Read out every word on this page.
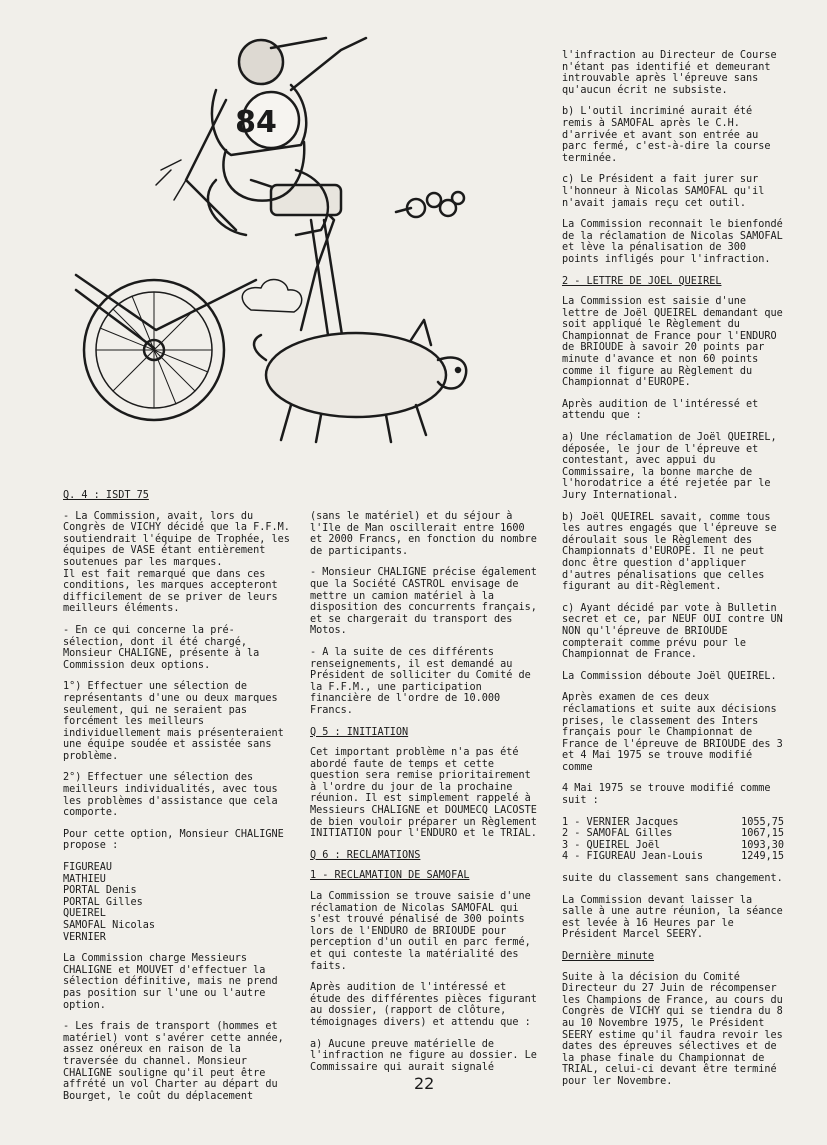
84

Q. 4 : ISDT 75

- La Commission, avait, lors du Congrès de VICHY décidé que la F.F.M. soutiendrait l'équipe de Trophée, les équipes de VASE étant entièrement soutenues par les marques.
Il est fait remarqué que dans ces conditions, les marques accepteront difficilement de se priver de leurs meilleurs éléments.

- En ce qui concerne la pré-sélection, dont il été chargé, Monsieur CHALIGNE, présente à la Commission deux options.

1°) Effectuer une sélection de représentants d'une ou deux marques seulement, qui ne seraient pas forcément les meilleurs individuellement mais présenteraient une équipe soudée et assistée sans problème.

2°) Effectuer une sélection des meilleurs individualités, avec tous les problèmes d'assistance que cela comporte.

Pour cette option, Monsieur CHALIGNE propose :

FIGUREAU
MATHIEU
PORTAL Denis
PORTAL Gilles
QUEIREL
SAMOFAL Nicolas
VERNIER

La Commission charge Messieurs CHALIGNE et MOUVET d'effectuer la sélection définitive, mais ne prend pas position sur l'une ou l'autre option.

- Les frais de transport (hommes et matériel) vont s'avérer cette année, assez onéreux en raison de la traversée du channel. Monsieur CHALIGNE souligne qu'il peut être affrété un vol Charter au départ du Bourget, le coût du déplacement

(sans le matériel) et du séjour à l'Ile de Man oscillerait entre 1600 et 2000 Francs, en fonction du nombre de participants.

- Monsieur CHALIGNE précise également que la Société CASTROL envisage de mettre un camion matériel à la disposition des concurrents français, et se chargerait du transport des Motos.

- A la suite de ces différents renseignements, il est demandé au Président de solliciter du Comité de la F.F.M., une participation financière de l'ordre de 10.000 Francs.

Q 5 : INITIATION

Cet important problème n'a pas été abordé faute de temps et cette question sera remise prioritairement à l'ordre du jour de la prochaine réunion. Il est simplement rappelé à Messieurs CHALIGNE et DOUMECQ LACOSTE de bien vouloir préparer un Règlement INITIATION pour l'ENDURO et le TRIAL.

Q 6 : RECLAMATIONS

1 - RECLAMATION DE SAMOFAL

La Commission se trouve saisie d'une réclamation de Nicolas SAMOFAL qui s'est trouvé pénalisé de 300 points lors de l'ENDURO de BRIOUDE pour perception d'un outil en parc fermé, et qui conteste la matérialité des faits.

Après audition de l'intéressé et étude des différentes pièces figurant au dossier, (rapport de clôture, témoignages divers) et attendu que :

a) Aucune preuve matérielle de l'infraction ne figure au dossier. Le Commissaire qui aurait signalé

l'infraction au Directeur de Course n'étant pas identifié et demeurant introuvable après l'épreuve sans qu'aucun écrit ne subsiste.

b) L'outil incriminé aurait été remis à SAMOFAL après le C.H. d'arrivée et avant son entrée au parc fermé, c'est-à-dire la course terminée.

c) Le Président a fait jurer sur l'honneur à Nicolas SAMOFAL qu'il n'avait jamais reçu cet outil.

La Commission reconnait le bienfondé de la réclamation de Nicolas SAMOFAL et lève la pénalisation de 300 points infligés pour l'infraction.

2 - LETTRE DE JOEL QUEIREL

La Commission est saisie d'une lettre de Joël QUEIREL demandant que soit appliqué le Règlement du Championnat de France pour l'ENDURO de BRIOUDE à savoir 20 points par minute d'avance et non 60 points comme il figure au Règlement du Championnat d'EUROPE.

Après audition de l'intéressé et attendu que :

a) Une réclamation de Joël QUEIREL, déposée, le jour de l'épreuve et contestant, avec appui du Commissaire, la bonne marche de l'horodatrice a été rejetée par le Jury International.

b) Joël QUEIREL savait, comme tous les autres engagés que l'épreuve se déroulait sous le Règlement des Championnats d'EUROPE. Il ne peut donc être question d'appliquer d'autres pénalisations que celles figurant au dit-Règlement.

c) Ayant décidé par vote à Bulletin secret et ce, par NEUF OUI contre UN NON qu'l'épreuve de BRIOUDE compterait comme prévu pour le Championnat de France.

La Commission déboute Joël QUEIREL.

Après examen de ces deux réclamations et suite aux décisions prises, le classement des Inters français pour le Championnat de France de l'épreuve de BRIOUDE des 3 et 4 Mai 1975 se trouve modifié comme

4 Mai 1975 se trouve modifié comme suit :

1 - VERNIER Jacques	1055,75
2 - SAMOFAL Gilles	1067,15
3 - QUEIREL Joël	1093,30
4 - FIGUREAU Jean-Louis	1249,15

suite du classement sans changement.

La Commission devant laisser la salle à une autre réunion, la séance est levée à 16 Heures par le Président Marcel SEERY.

Dernière minute

Suite à la décision du Comité Directeur du 27 Juin de récompenser les Champions de France, au cours du Congrès de VICHY qui se tiendra du 8 au 10 Novembre 1975, le Président SEERY estime qu'il faudra revoir les dates des épreuves sélectives et de la phase finale du Championnat de TRIAL, celui-ci devant être terminé pour ler Novembre.

22
